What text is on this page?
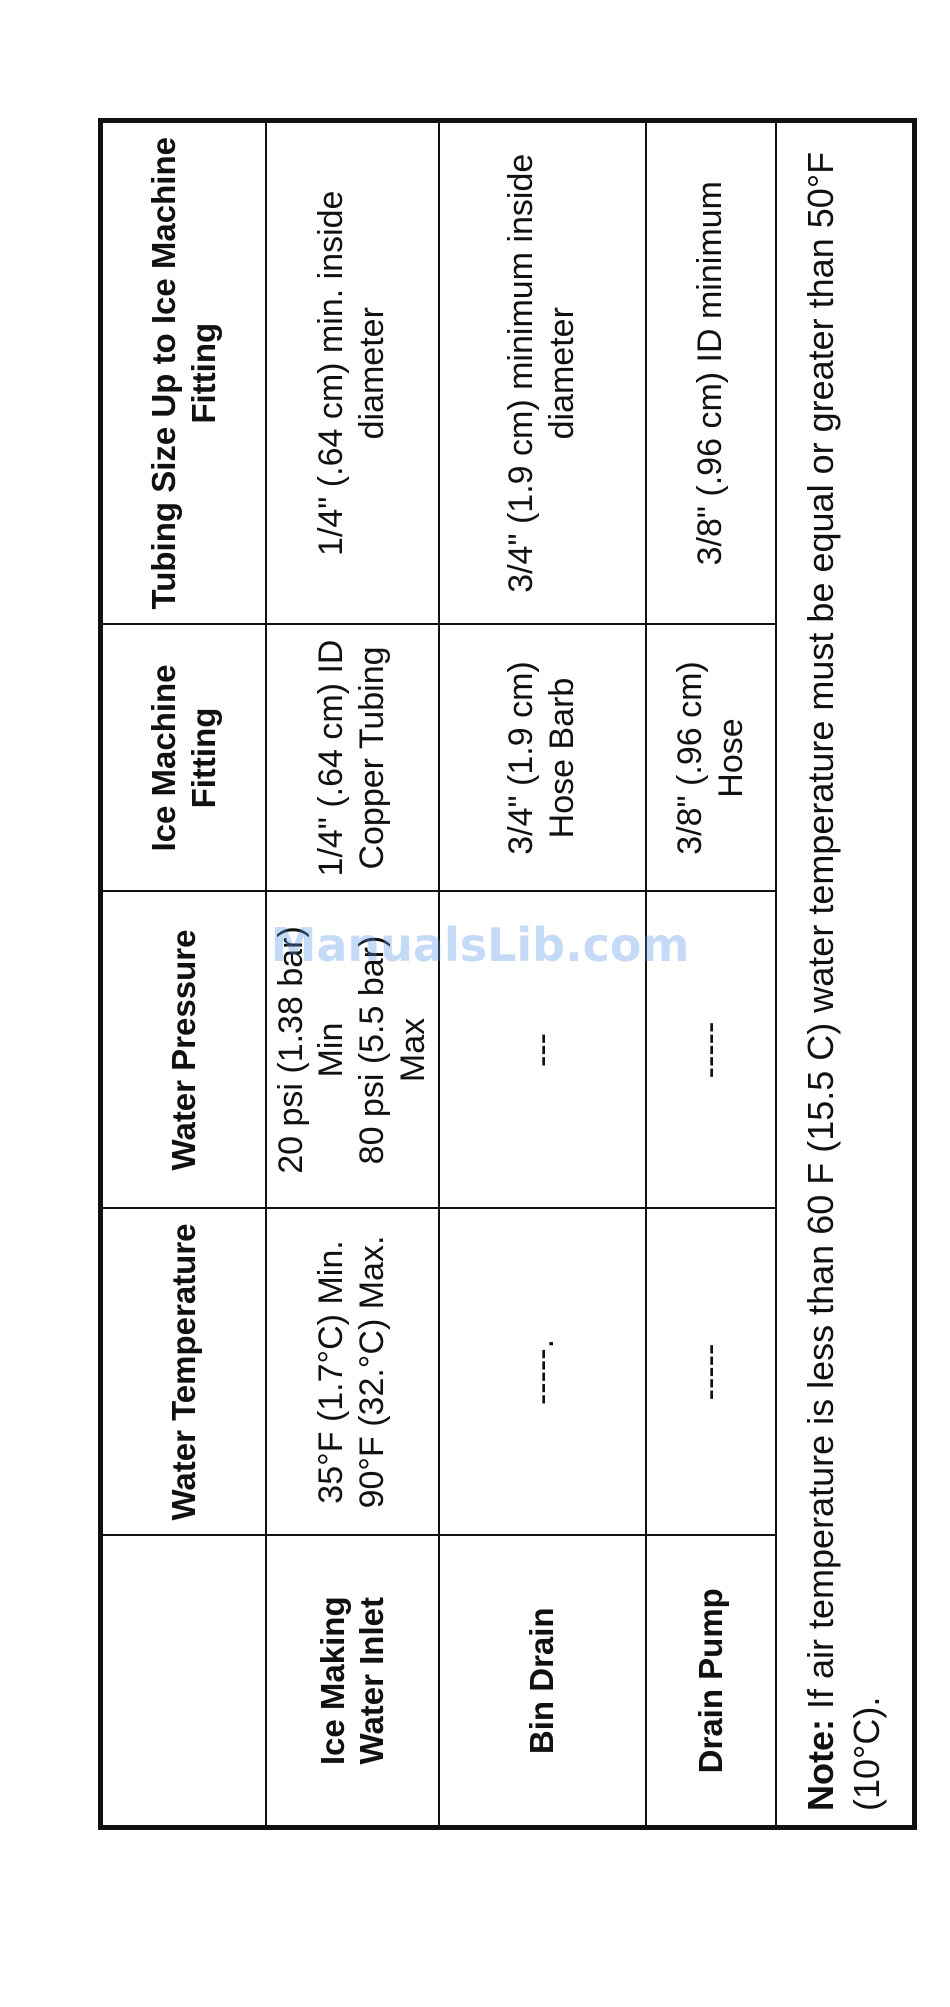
	Water Temperature	Water Pressure	Ice Machine Fitting	Tubing Size Up to Ice Machine Fitting

Ice Making Water Inlet	35°F (1.7°C) Min. 90°F (32.°C) Max.	20 psi (1.38 bar) Min 80 psi (5.5 bar) Max	1/4" (.64 cm) ID Copper Tubing	1/4" (.64 cm) min. inside diameter
Bin Drain	-----.	---	3/4" (1.9 cm) Hose Barb	3/4" (1.9 cm) minimum inside diameter
Drain Pump	-----	-----	3/8" (.96 cm) Hose	3/8" (.96 cm) ID minimum
Note: If air temperature is less than 60 F (15.5 C) water temperature must be equal or greater than 50°F (10°C).				
ManualsLib.com
